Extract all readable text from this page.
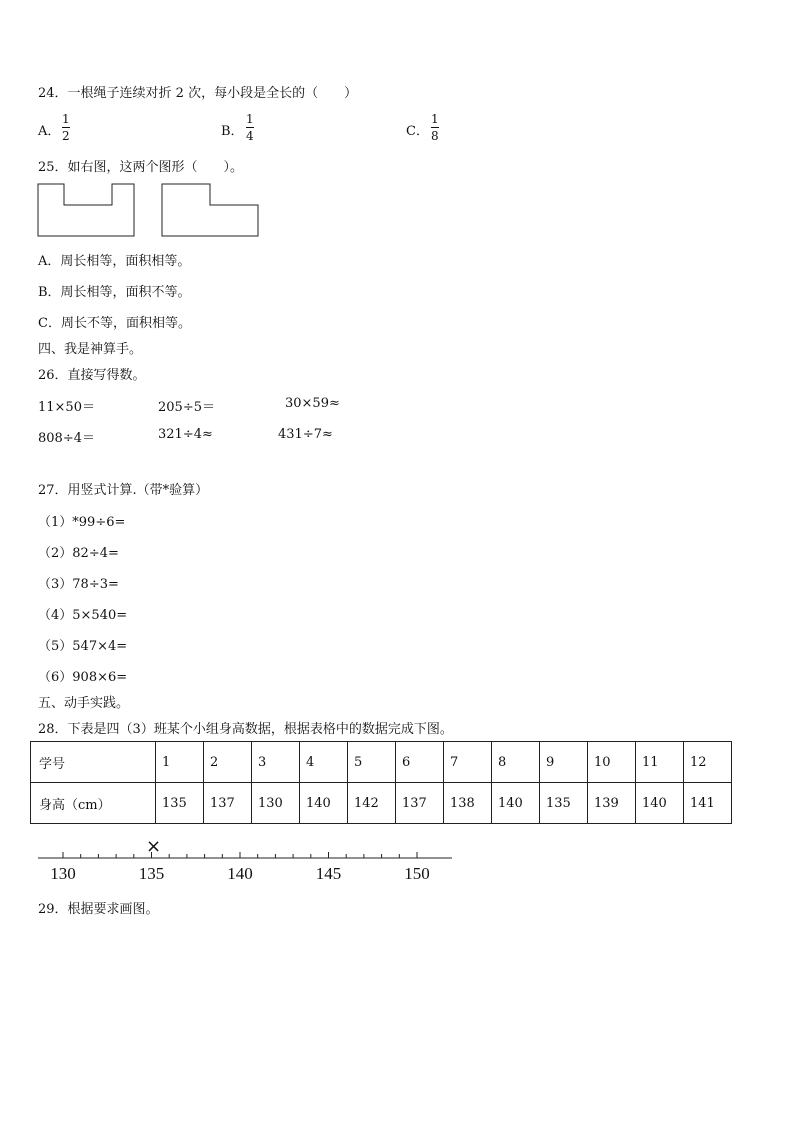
24．一根绳子连续对折 2 次，每小段是全长的（　　）
A．
1
2	B．
1
4	C．
1
8
25．如右图，这两个图形（　　）。
A．周长相等，面积相等。
B．周长相等，面积不等。
C．周长不等，面积相等。
四、我是神算手。
26．直接写得数。
11×50＝	205÷5＝	30×59≈
808÷4＝	321÷4≈	431÷7≈
27．用竖式计算.（带*验算）
（1）*99÷6=
（2）82÷4=
（3）78÷3=
（4）5×540=
（5）547×4=
（6）908×6=
五、动手实践。
28．下表是四（3）班某个小组身高数据，根据表格中的数据完成下图。
学号	1	2	3	4	5	6	7	8	9	10	11	12
身高（cm）	135	137	130	140	142	137	138	140	135	139	140	141
130	135	140	145	150
×
29．根据要求画图。
